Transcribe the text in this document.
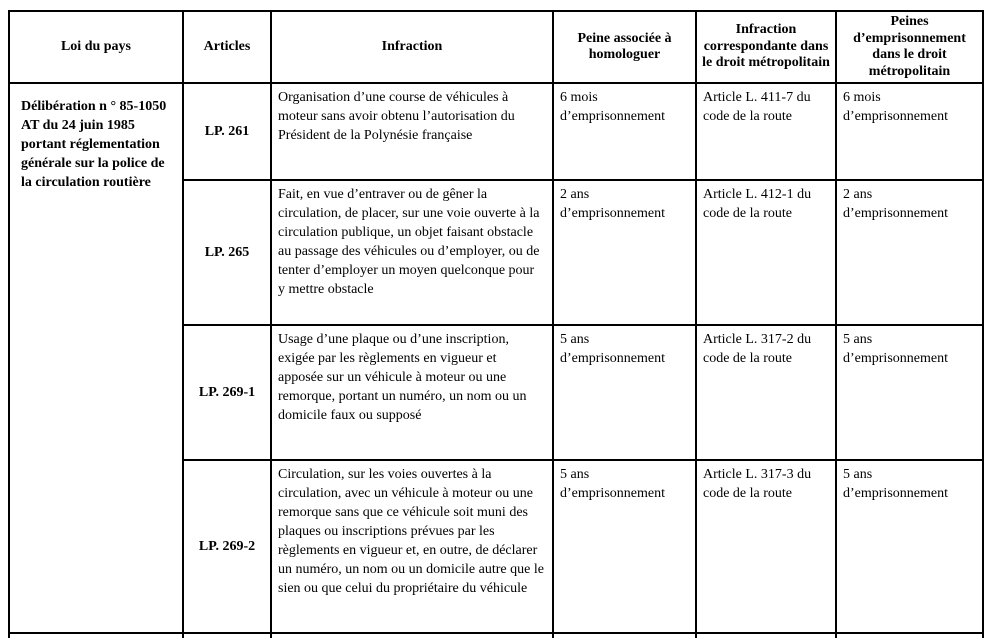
Loi du pays	Articles	Infraction	Peine associée à homologuer	Infraction correspondante dans le droit métropolitain	Peines d’emprisonnement dans le droit métropolitain
Délibération n ° 85-1050 AT du 24 juin 1985 portant réglementation générale sur la police de la circulation routière	LP. 261	Organisation d’une course de véhicules à moteur sans avoir obtenu l’autorisation du Président de la Polynésie française	6 mois d’emprisonnement	Article L. 411-7 du code de la route	6 mois d’emprisonnement
	LP. 265	Fait, en vue d’entraver ou de gêner la circulation, de placer, sur une voie ouverte à la circulation publique, un objet faisant obstacle au passage des véhicules ou d’employer, ou de tenter d’employer un moyen quelconque pour y mettre obstacle	2 ans d’emprisonnement	Article L. 412-1 du code de la route	2 ans d’emprisonnement
	LP. 269-1	Usage d’une plaque ou d’une inscription, exigée par les règlements en vigueur et apposée sur un véhicule à moteur ou une remorque, portant un numéro, un nom ou un domicile faux ou supposé	5 ans d’emprisonnement	Article L. 317-2 du code de la route	5 ans d’emprisonnement
	LP. 269-2	Circulation, sur les voies ouvertes à la circulation, avec un véhicule à moteur ou une remorque sans que ce véhicule soit muni des plaques ou inscriptions prévues par les règlements en vigueur et, en outre, de déclarer un numéro, un nom ou un domicile autre que le sien ou que celui du propriétaire du véhicule	5 ans d’emprisonnement	Article L. 317-3 du code de la route	5 ans d’emprisonnement
